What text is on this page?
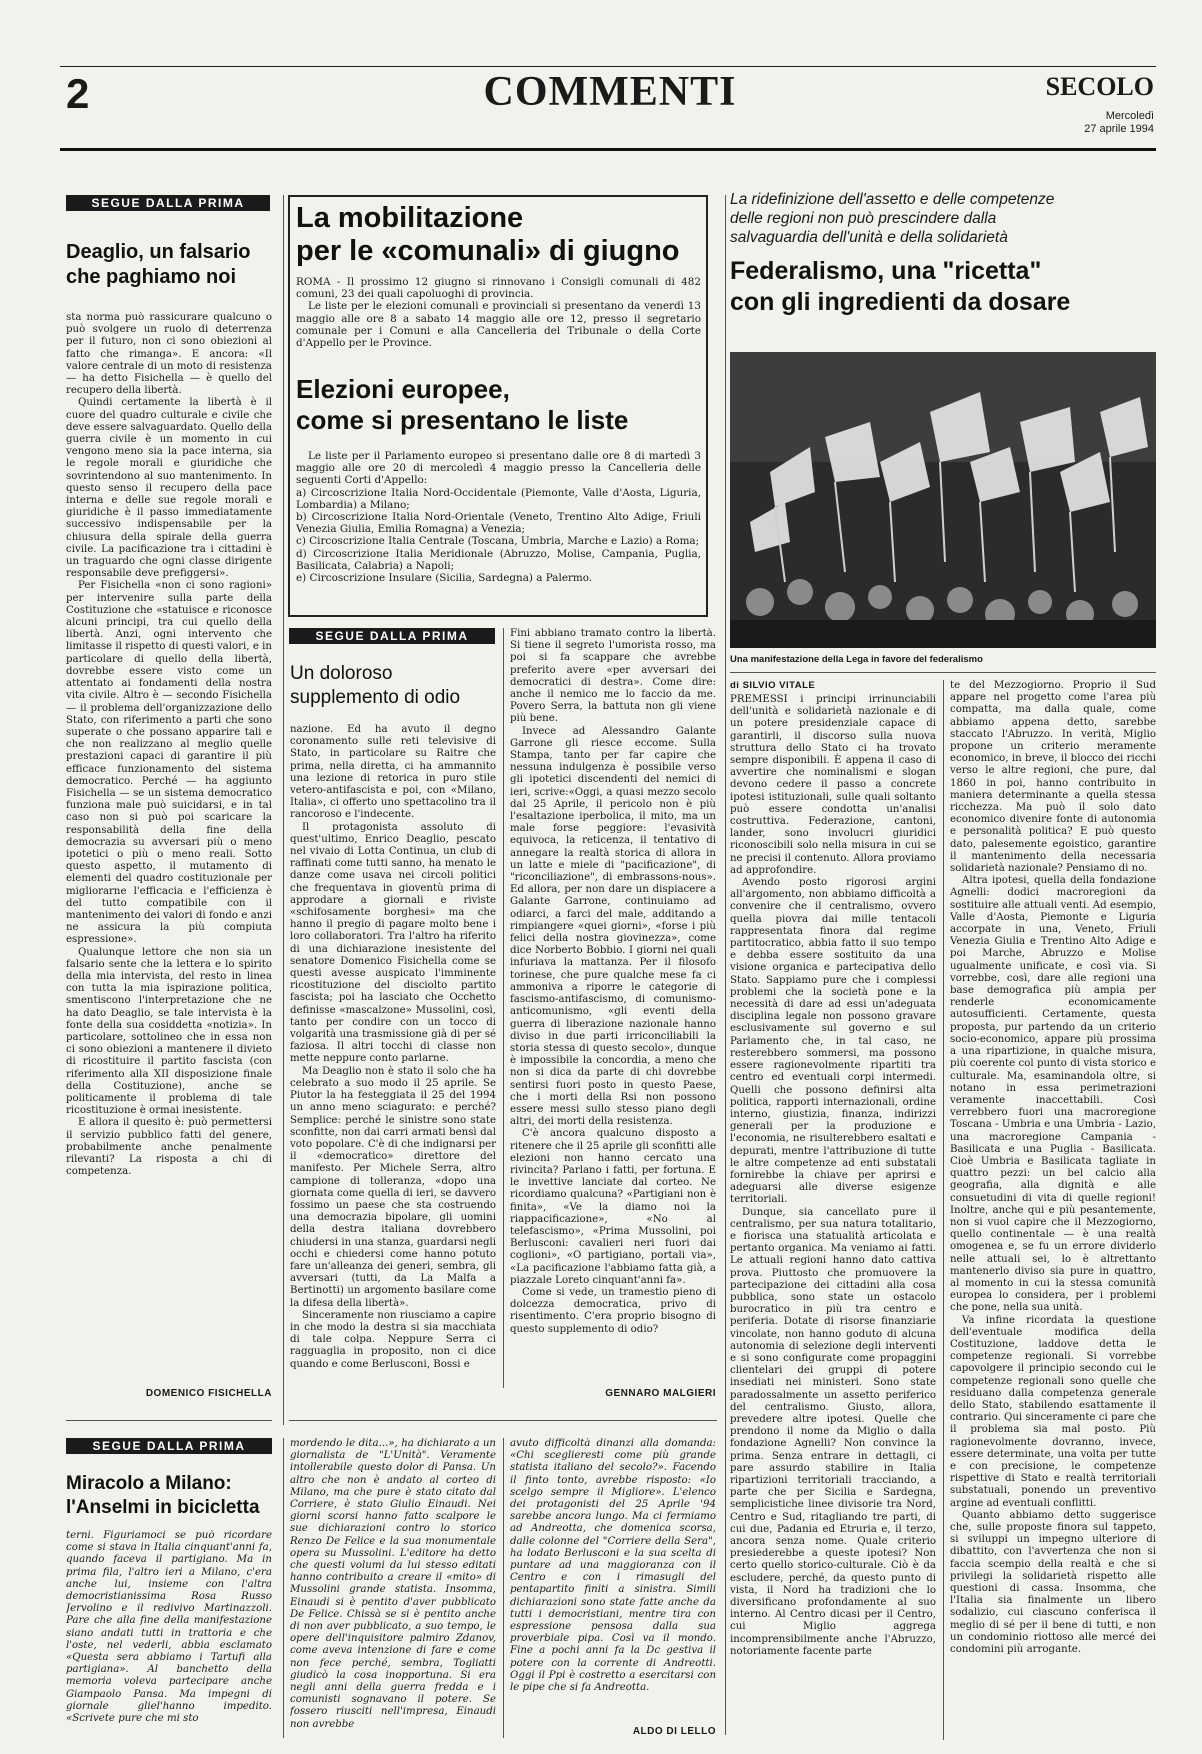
2	COMMENTI	SECOLO
Mercoledì
27 aprile 1994
SEGUE DALLA PRIMA
Deaglio, un falsario
che paghiamo noi

sta norma può rassicurare qualcuno o può svolgere un ruolo di deterrenza per il futuro, non ci sono obiezioni al fatto che rimanga». E ancora: «Il valore centrale di un moto di resistenza — ha detto Fisichella — è quello del recupero della libertà.

Quindi certamente la libertà è il cuore del quadro culturale e civile che deve essere salvaguardato. Quello della guerra civile è un momento in cui vengono meno sia la pace interna, sia le regole morali e giuridiche che sovrintendono al suo mantenimento. In questo senso il recupero della pace interna e delle sue regole morali e giuridiche è il passo immediatamente successivo indispensabile per la chiusura della spirale della guerra civile. La pacificazione tra i cittadini è un traguardo che ogni classe dirigente responsabile deve prefiggersi».

Per Fisichella «non ci sono ragioni» per intervenire sulla parte della Costituzione che «statuisce e riconosce alcuni principi, tra cui quello della libertà. Anzi, ogni intervento che limitasse il rispetto di questi valori, e in particolare di quello della libertà, dovrebbe essere visto come un attentato ai fondamenti della nostra vita civile. Altro è — secondo Fisichella — il problema dell'organizzazione dello Stato, con riferimento a parti che sono superate o che possano apparire tali e che non realizzano al meglio quelle prestazioni capaci di garantire il più efficace funzionamento del sistema democratico. Perché — ha aggiunto Fisichella — se un sistema democratico funziona male può suicidarsi, e in tal caso non si può poi scaricare la responsabilità della fine della democrazia su avversari più o meno ipotetici o più o meno reali. Sotto questo aspetto, il mutamento di elementi del quadro costituzionale per migliorarne l'efficacia e l'efficienza è del tutto compatibile con il mantenimento dei valori di fondo e anzi ne assicura la più compiuta espressione».

Qualunque lettore che non sia un falsario sente che la lettera e lo spirito della mia intervista, del resto in linea con tutta la mia ispirazione politica, smentiscono l'interpretazione che ne ha dato Deaglio, se tale intervista è la fonte della sua cosiddetta «notizia». In particolare, sottolineo che in essa non ci sono obiezioni a mantenere il divieto di ricostituire il partito fascista (con riferimento alla XII disposizione finale della Costituzione), anche se politicamente il problema di tale ricostituzione è ormai inesistente.

E allora il quesito è: può permettersi il servizio pubblico fatti del genere, probabilmente anche penalmente rilevanti? La risposta a chi di competenza.

DOMENICO FISICHELLA
La mobilitazione
per le «comunali» di giugno

ROMA - Il prossimo 12 giugno si rinnovano i Consigli comunali di 482 comuni, 23 dei quali capoluoghi di provincia.

Le liste per le elezioni comunali e provinciali si presentano da venerdì 13 maggio alle ore 8 a sabato 14 maggio alle ore 12, presso il segretario comunale per i Comuni e alla Cancelleria del Tribunale o della Corte d'Appello per le Province.

Elezioni europee,
come si presentano le liste

Le liste per il Parlamento europeo si presentano dalle ore 8 di martedì 3 maggio alle ore 20 di mercoledì 4 maggio presso la Cancelleria delle seguenti Corti d'Appello:

a) Circoscrizione Italia Nord-Occidentale (Piemonte, Valle d'Aosta, Liguria, Lombardia) a Milano;

b) Circoscrizione Italia Nord-Orientale (Veneto, Trentino Alto Adige, Friuli Venezia Giulia, Emilia Romagna) a Venezia;

c) Circoscrizione Italia Centrale (Toscana, Umbria, Marche e Lazio) a Roma;

d) Circoscrizione Italia Meridionale (Abruzzo, Molise, Campania, Puglia, Basilicata, Calabria) a Napoli;

e) Circoscrizione Insulare (Sicilia, Sardegna) a Palermo.

SEGUE DALLA PRIMA
Un doloroso
supplemento di odio

nazione. Ed ha avuto il degno coronamento sulle reti televisive di Stato, in particolare su Raitre che prima, nella diretta, ci ha ammannito una lezione di retorica in puro stile vetero-antifascista e poi, con «Milano, Italia», ci offerto uno spettacolino tra il rancoroso e l'indecente.

Il protagonista assoluto di quest'ultimo, Enrico Deaglio, pescato nel vivaio di Lotta Continua, un club di raffinati come tutti sanno, ha menato le danze come usava nei circoli politici che frequentava in gioventù prima di approdare a giornali e riviste «schifosamente borghesi» ma che hanno il pregio di pagare molto bene i loro collaboratori. Tra l'altro ha riferito di una dichiarazione inesistente del senatore Domenico Fisichella come se questi avesse auspicato l'imminente ricostituzione del disciolto partito fascista; poi ha lasciato che Occhetto definisse «mascalzone» Mussolini, così, tanto per condire con un tocco di volgarità una trasmissione già di per sé faziosa. Il altri tocchi di classe non mette neppure conto parlarne.

Ma Deaglio non è stato il solo che ha celebrato a suo modo il 25 aprile. Se Piutor la ha festeggiata il 25 del 1994 un anno meno sciagurato: e perché? Semplice: perché le sinistre sono state sconfitte, non dai carri armati bensì dal voto popolare. C'è di che indignarsi per il «democratico» direttore del manifesto. Per Michele Serra, altro campione di tolleranza, «dopo una giornata come quella di ieri, se davvero fossimo un paese che sta costruendo una democrazia bipolare, gli uomini della destra italiana dovrebbero chiudersi in una stanza, guardarsi negli occhi e chiedersi come hanno potuto fare un'alleanza dei generi, sembra, gli avversari (tutti, da La Malfa a Bertinotti) un argomento basilare come la difesa della libertà».

Sinceramente non riusciamo a capire in che modo la destra si sia macchiata di tale colpa. Neppure Serra ci ragguaglia in proposito, non ci dice quando e come Berlusconi, Bossi e

Fini abbiano tramato contro la libertà. Si tiene il segreto l'umorista rosso, ma poi si fa scappare che avrebbe preferito avere «per avversari dei democratici di destra». Come dire: anche il nemico me lo faccio da me. Povero Serra, la battuta non gli viene più bene.

Invece ad Alessandro Galante Garrone gli riesce eccome. Sulla Stampa, tanto per far capire che nessuna indulgenza è possibile verso gli ipotetici discendenti del nemici di ieri, scrive:«Oggi, a quasi mezzo secolo dal 25 Aprile, il pericolo non è più l'esaltazione iperbolica, il mito, ma un male forse peggiore: l'evasività equivoca, la reticenza, il tentativo di annegare la realtà storica di allora in un latte e miele di "pacificazione", di "riconciliazione", di embrassons-nous». Ed allora, per non dare un dispiacere a Galante Garrone, continuiamo ad odiarci, a farci del male, additando a rimpiangere «quei giorni», «forse i più felici della nostra giovinezza», come dice Norberto Bobbio. I giorni nei quali infuriava la mattanza. Per il filosofo torinese, che pure qualche mese fa ci ammoniva a riporre le categorie di fascismo-antifascismo, di comunismo-anticomunismo, «gli eventi della guerra di liberazione nazionale hanno diviso in due parti irriconciliabili la storia stessa di questo secolo», dunque è impossibile la concordia, a meno che non si dica da parte di chi dovrebbe sentirsi fuori posto in questo Paese, che i morti della Rsi non possono essere messi sullo stesso piano degli altri, dei morti della resistenza.

C'è ancora qualcuno disposto a ritenere che il 25 aprile gli sconfitti alle elezioni non hanno cercato una rivincita? Parlano i fatti, per fortuna. E le invettive lanciate dal corteo. Ne ricordiamo qualcuna? «Partigiani non è finita», «Ve la diamo noi la riappacificazione», «No al telefascismo», «Prima Mussolini, poi Berlusconi: cavalieri neri fuori dai coglioni», «O partigiano, portali via», «La pacificazione l'abbiamo fatta già, a piazzale Loreto cinquant'anni fa».

Come si vede, un tramestio pieno di dolcezza democratica, privo di risentimento. C'era proprio bisogno di questo supplemento di odio?

GENNARO MALGIERI
SEGUE DALLA PRIMA
Miracolo a Milano:
l'Anselmi in bicicletta

terni. Figuriamoci se può ricordare come si stava in Italia cinquant'anni fa, quando faceva il partigiano. Ma in prima fila, l'altro ieri a Milano, c'era anche lui, insieme con l'altra democristianissima Rosa Russo Jervolino e il redivivo Martinazzoli. Pare che alla fine della manifestazione siano andati tutti in trattoria e che l'oste, nel vederli, abbia esclamato «Questa sera abbiamo i Tartufi alla partigiana». Al banchetto della memoria voleva partecipare anche Giampaolo Pansa. Ma impegni di giornale gliel'hanno impedito. «Scrivete pure che mi sto

mordendo le dita...», ha dichiarato a un giornalista de "L'Unità". Veramente intollerabile questo dolor di Pansa. Un altro che non è andato al corteo di Milano, ma che pure è stato citato dal Corriere, è stato Giulio Einaudi. Nei giorni scorsi hanno fatto scalpore le sue dichiarazioni contro lo storico Renzo De Felice e la sua monumentale opera su Mussolini. L'editore ha detto che questi volumi da lui stesso editati hanno contribuito a creare il «mito» di Mussolini grande statista. Insomma, Einaudi si è pentito d'aver pubblicato De Felice. Chissà se si è pentito anche di non aver pubblicato, a suo tempo, le opere dell'inquisitore palmiro Zdanov, come aveva intenzione di fare e come non fece perché, sembra, Togliatti giudicò la cosa inopportuna. Si era negli anni della guerra fredda e i comunisti sognavano il potere. Se fossero riusciti nell'impresa, Einaudi non avrebbe

avuto difficoltà dinanzi alla domanda: «Chi sceglieresti come più grande statista italiano del secolo?». Facendo il finto tonto, avrebbe risposto: «Io scelgo sempre il Migliore». L'elenco dei protagonisti del 25 Aprile '94 sarebbe ancora lungo. Ma ci fermiamo ad Andreotta, che domenica scorsa, dalle colonne del "Corriere della Sera", ha lodato Berlusconi e la sua scelta di puntare ad una maggioranza con il Centro e con i rimasugli del pentapartito finiti a sinistra. Simili dichiarazioni sono state fatte anche da tutti i democristiani, mentre tira con espressione pensosa dalla sua proverbiale pipa. Così va il mondo. Fine a pochi anni fa la Dc gestiva il potere con la corrente di Andreotti. Oggi il Ppi è costretto a esercitarsi con le pipe che si fa Andreotta.

ALDO DI LELLO
La ridefinizione dell'assetto e delle competenze
delle regioni non può prescindere dalla
salvaguardia dell'unità e della solidarietà
Federalismo, una "ricetta"
con gli ingredienti da dosare
Una manifestazione della Lega in favore del federalismo
di SILVIO VITALE

PREMESSI i principi irrinunciabili dell'unità e solidarietà nazionale e di un potere presidenziale capace di garantirli, il discorso sulla nuova struttura dello Stato ci ha trovato sempre disponibili. È appena il caso di avvertire che nominalismi e slogan devono cedere il passo a concrete ipotesi istituzionali, sulle quali soltanto può essere condotta un'analisi costruttiva. Federazione, cantoni, lander, sono involucri giuridici riconoscibili solo nella misura in cui se ne precisi il contenuto. Allora proviamo ad approfondire.

Avendo posto rigorosi argini all'argomento, non abbiamo difficoltà a convenire che il centralismo, ovvero quella piovra dai mille tentacoli rappresentata finora dal regime partitocratico, abbia fatto il suo tempo e debba essere sostituito da una visione organica e partecipativa dello Stato. Sappiamo pure che i complessi problemi che la società pone e la necessità di dare ad essi un'adeguata disciplina legale non possono gravare esclusivamente sul governo e sul Parlamento che, in tal caso, ne resterebbero sommersi, ma possono essere ragionevolmente ripartiti tra centro ed eventuali corpi intermedi. Quelli che possono definirsi alta politica, rapporti internazionali, ordine interno, giustizia, finanza, indirizzi generali per la produzione e l'economia, ne risulterebbero esaltati e depurati, mentre l'attribuzione di tutte le altre competenze ad enti substatali fornirebbe la chiave per aprirsi e adeguarsi alle diverse esigenze territoriali.

Dunque, sia cancellato pure il centralismo, per sua natura totalitario, e fiorisca una statualità articolata e pertanto organica. Ma veniamo ai fatti. Le attuali regioni hanno dato cattiva prova. Piuttosto che promuovere la partecipazione dei cittadini alla cosa pubblica, sono state un ostacolo burocratico in più tra centro e periferia. Dotate di risorse finanziarie vincolate, non hanno goduto di alcuna autonomia di selezione degli interventi e si sono configurate come propaggini clientelari dei gruppi di potere insediati nei ministeri. Sono state paradossalmente un assetto periferico del centralismo. Giusto, allora, prevedere altre ipotesi. Quelle che prendono il nome da Miglio o dalla fondazione Agnelli? Non convince la prima. Senza entrare in dettagli, ci pare assurdo stabilire in Italia ripartizioni territoriali tracciando, a parte che per Sicilia e Sardegna, semplicistiche linee divisorie tra Nord, Centro e Sud, ritagliando tre parti, di cui due, Padania ed Etruria e, il terzo, ancora senza nome. Quale criterio presiederebbe a queste ipotesi? Non certo quello storico-culturale. Ciò è da escludere, perché, da questo punto di vista, il Nord ha tradizioni che lo diversificano profondamente al suo interno. Al Centro dicasi per il Centro, cui Miglio aggrega incomprensibilmente anche l'Abruzzo, notoriamente facente parte

te del Mezzogiorno. Proprio il Sud appare nel progetto come l'area più compatta, ma dalla quale, come abbiamo appena detto, sarebbe staccato l'Abruzzo. In verità, Miglio propone un criterio meramente economico, in breve, il blocco dei ricchi verso le altre regioni, che pure, dal 1860 in poi, hanno contribuito in maniera determinante a quella stessa ricchezza. Ma può il solo dato economico divenire fonte di autonomia e personalità politica? E può questo dato, palesemente egoistico, garantire il mantenimento della necessaria solidarietà nazionale? Pensiamo di no.

Altra ipotesi, quella della fondazione Agnelli: dodici macroregioni da sostituire alle attuali venti. Ad esempio, Valle d'Aosta, Piemonte e Liguria accorpate in una, Veneto, Friuli Venezia Giulia e Trentino Alto Adige e poi Marche, Abruzzo e Molise ugualmente unificate, e così via. Si vorrebbe, così, dare alle regioni una base demografica più ampia per renderle economicamente autosufficienti. Certamente, questa proposta, pur partendo da un criterio socio-economico, appare più prossima a una ripartizione, in qualche misura, più coerente col punto di vista storico e culturale. Ma, esaminandola oltre, si notano in essa perimetrazioni veramente inaccettabili. Così verrebbero fuori una macroregione Toscana - Umbria e una Umbria - Lazio, una macroregione Campania - Basilicata e una Puglia - Basilicata. Cioè Umbria e Basilicata tagliate in quattro pezzi: un bel calcio alla geografia, alla dignità e alle consuetudini di vita di quelle regioni! Inoltre, anche qui e più pesantemente, non si vuol capire che il Mezzogiorno, quello continentale — è una realtà omogenea e, se fu un errore dividerlo nelle attuali sei, lo è altrettanto mantenerlo diviso sia pure in quattro, al momento in cui la stessa comunità europea lo considera, per i problemi che pone, nella sua unità.

Va infine ricordata la questione dell'eventuale modifica della Costituzione, laddove detta le competenze regionali. Si vorrebbe capovolgere il principio secondo cui le competenze regionali sono quelle che residuano dalla competenza generale dello Stato, stabilendo esattamente il contrario. Qui sinceramente ci pare che il problema sia mal posto. Più ragionevolmente dovranno, invece, essere determinate, una volta per tutte e con precisione, le competenze rispettive di Stato e realtà territoriali substatuali, ponendo un preventivo argine ad eventuali conflitti.

Quanto abbiamo detto suggerisce che, sulle proposte finora sul tappeto, si sviluppi un impegno ulteriore di dibattito, con l'avvertenza che non si faccia scempio della realtà e che si privilegi la solidarietà rispetto alle questioni di cassa. Insomma, che l'Italia sia finalmente un libero sodalizio, cui ciascuno conferisca il meglio di sé per il bene di tutti, e non un condominio riottoso alle mercé dei condomini più arrogante.
